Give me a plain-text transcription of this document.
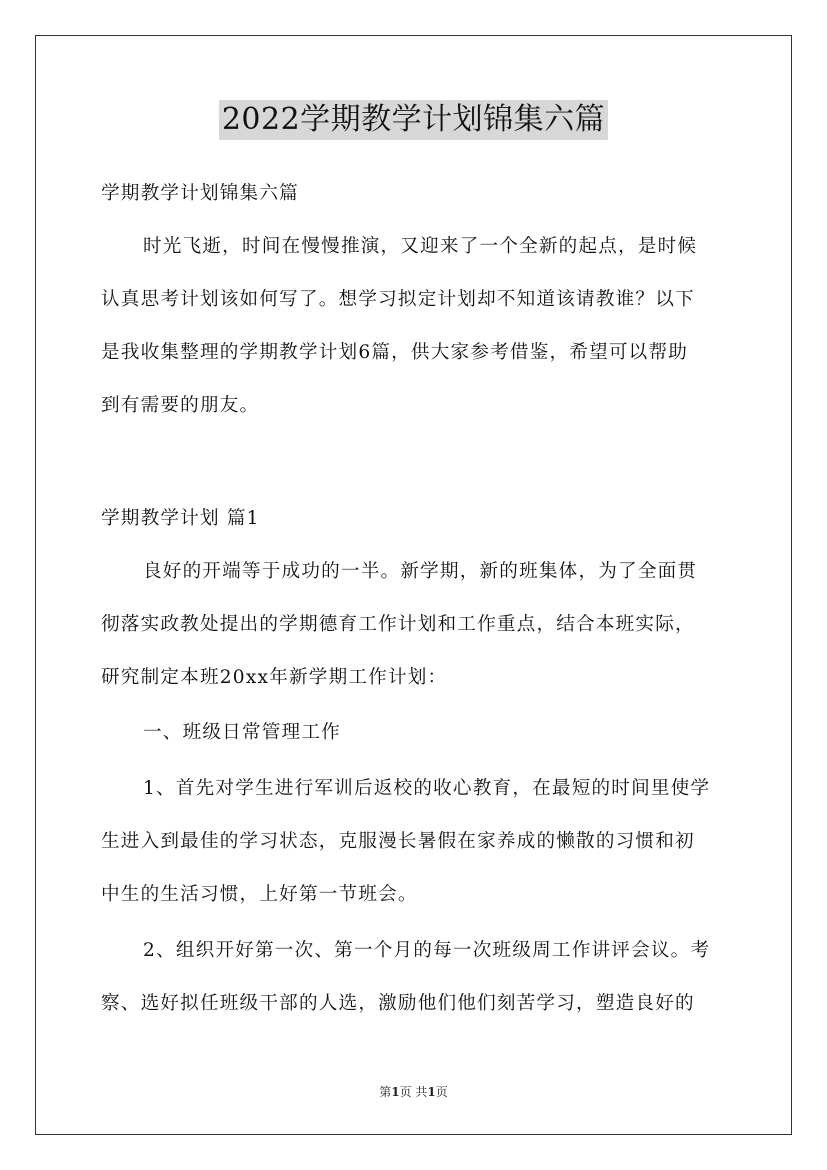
2022学期教学计划锦集六篇
学期教学计划锦集六篇
时光飞逝，时间在慢慢推演，又迎来了一个全新的起点，是时候
认真思考计划该如何写了。想学习拟定计划却不知道该请教谁？以下
是我收集整理的学期教学计划6篇，供大家参考借鉴，希望可以帮助
到有需要的朋友。
学期教学计划 篇1
良好的开端等于成功的一半。新学期，新的班集体，为了全面贯
彻落实政教处提出的学期德育工作计划和工作重点，结合本班实际，
研究制定本班20xx年新学期工作计划：
一、班级日常管理工作
1、首先对学生进行军训后返校的收心教育，在最短的时间里使学
生进入到最佳的学习状态，克服漫长暑假在家养成的懒散的习惯和初
中生的生活习惯，上好第一节班会。
2、组织开好第一次、第一个月的每一次班级周工作讲评会议。考
察、选好拟任班级干部的人选，激励他们他们刻苦学习，塑造良好的
第1页 共1页
